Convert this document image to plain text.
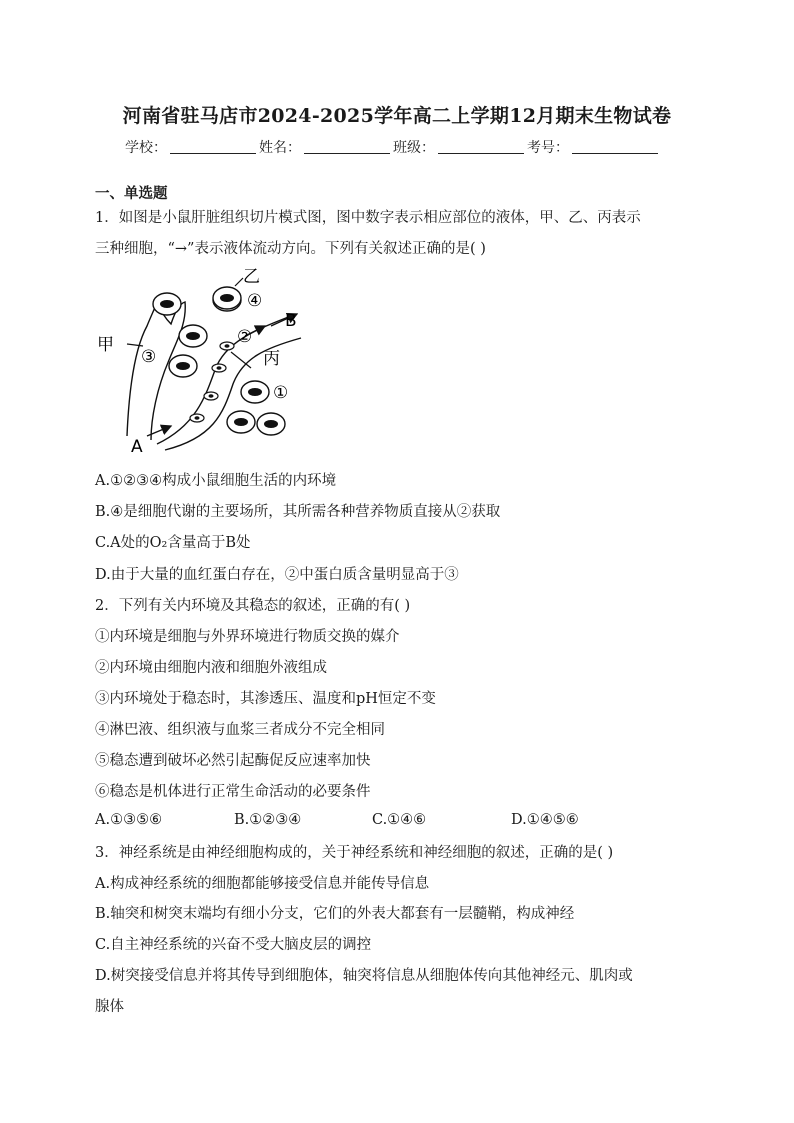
河南省驻马店市2024-2025学年高二上学期12月期末生物试卷
学校：	姓名：	班级：	考号：
一、单选题
1．如图是小鼠肝脏组织切片模式图，图中数字表示相应部位的液体，甲、乙、丙表示
三种细胞，“→”表示液体流动方向。下列有关叙述正确的是( )
甲
乙
丙
A
B
①
②
③
④
A.①②③④构成小鼠细胞生活的内环境
B.④是细胞代谢的主要场所，其所需各种营养物质直接从②获取
C.A处的O₂含量高于B处
D.由于大量的血红蛋白存在，②中蛋白质含量明显高于③
2．下列有关内环境及其稳态的叙述，正确的有( )
①内环境是细胞与外界环境进行物质交换的媒介
②内环境由细胞内液和细胞外液组成
③内环境处于稳态时，其渗透压、温度和pH恒定不变
④淋巴液、组织液与血浆三者成分不完全相同
⑤稳态遭到破坏必然引起酶促反应速率加快
⑥稳态是机体进行正常生命活动的必要条件
A.①③⑤⑥	B.①②③④	C.①④⑥	D.①④⑤⑥
3．神经系统是由神经细胞构成的，关于神经系统和神经细胞的叙述，正确的是( )
A.构成神经系统的细胞都能够接受信息并能传导信息
B.轴突和树突末端均有细小分支，它们的外表大都套有一层髓鞘，构成神经
C.自主神经系统的兴奋不受大脑皮层的调控
D.树突接受信息并将其传导到细胞体，轴突将信息从细胞体传向其他神经元、肌肉或
腺体
